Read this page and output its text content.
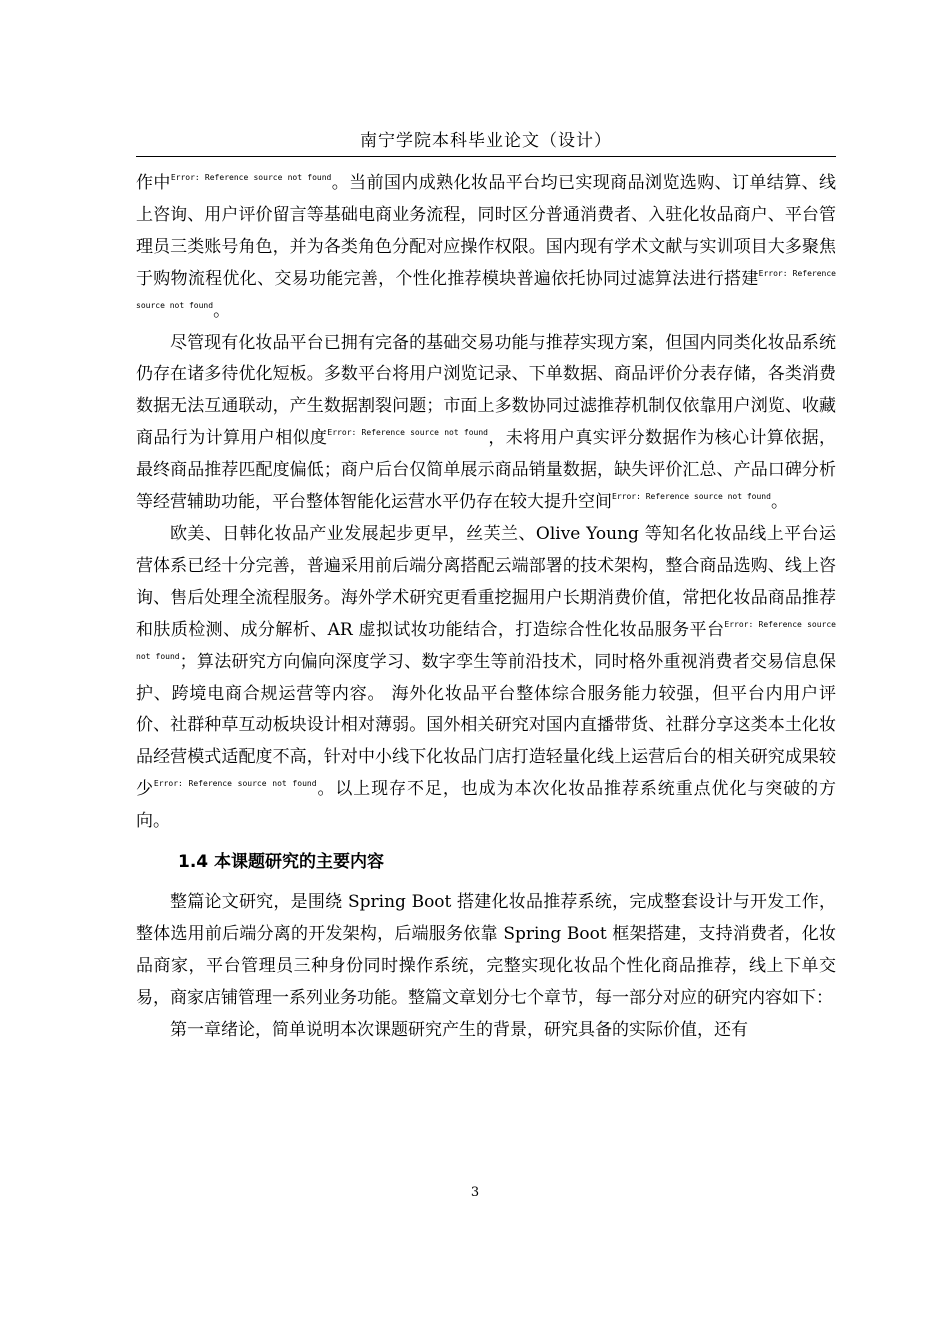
南宁学院本科毕业论文（设计）

作中$^{Error: Reference source not found}$。当前国内成熟化妆品平台均已实现商品浏览选购、订单结算、线上咨询、用户评价留言等基础电商业务流程，同时区分普通消费者、入驻化妆品商户、平台管理员三类账号角色，并为各类角色分配对应操作权限。国内现有学术文献与实训项目大多聚焦于购物流程优化、交易功能完善，个性化推荐模块普遍依托协同过滤算法进行搭建$^{Error: Reference source not found}$。

尽管现有化妆品平台已拥有完备的基础交易功能与推荐实现方案，但国内同类化妆品系统仍存在诸多待优化短板。多数平台将用户浏览记录、下单数据、商品评价分表存储，各类消费数据无法互通联动，产生数据割裂问题；市面上多数协同过滤推荐机制仅依靠用户浏览、收藏商品行为计算用户相似度$^{Error: Reference source not found}$，未将用户真实评分数据作为核心计算依据，最终商品推荐匹配度偏低；商户后台仅简单展示商品销量数据，缺失评价汇总、产品口碑分析等经营辅助功能，平台整体智能化运营水平仍存在较大提升空间$^{Error: Reference source not found}$。

欧美、日韩化妆品产业发展起步更早，丝芙兰、Olive Young 等知名化妆品线上平台运营体系已经十分完善，普遍采用前后端分离搭配云端部署的技术架构，整合商品选购、线上咨询、售后处理全流程服务。海外学术研究更看重挖掘用户长期消费价值，常把化妆品商品推荐和肤质检测、成分解析、AR 虚拟试妆功能结合，打造综合性化妆品服务平台$^{Error: Reference source not found}$；算法研究方向偏向深度学习、数字孪生等前沿技术，同时格外重视消费者交易信息保护、跨境电商合规运营等内容。 海外化妆品平台整体综合服务能力较强，但平台内用户评价、社群种草互动板块设计相对薄弱。国外相关研究对国内直播带货、社群分享这类本土化妆品经营模式适配度不高，针对中小线下化妆品门店打造轻量化线上运营后台的相关研究成果较少$^{Error: Reference source not found}$。以上现存不足，也成为本次化妆品推荐系统重点优化与突破的方向。

1.4 本课题研究的主要内容

整篇论文研究，是围绕 Spring Boot 搭建化妆品推荐系统，完成整套设计与开发工作，整体选用前后端分离的开发架构，后端服务依靠 Spring Boot 框架搭建，支持消费者，化妆品商家，平台管理员三种身份同时操作系统，完整实现化妆品个性化商品推荐，线上下单交易，商家店铺管理一系列业务功能。整篇文章划分七个章节，每一部分对应的研究内容如下：

第一章绪论，简单说明本次课题研究产生的背景，研究具备的实际价值，还有

3
